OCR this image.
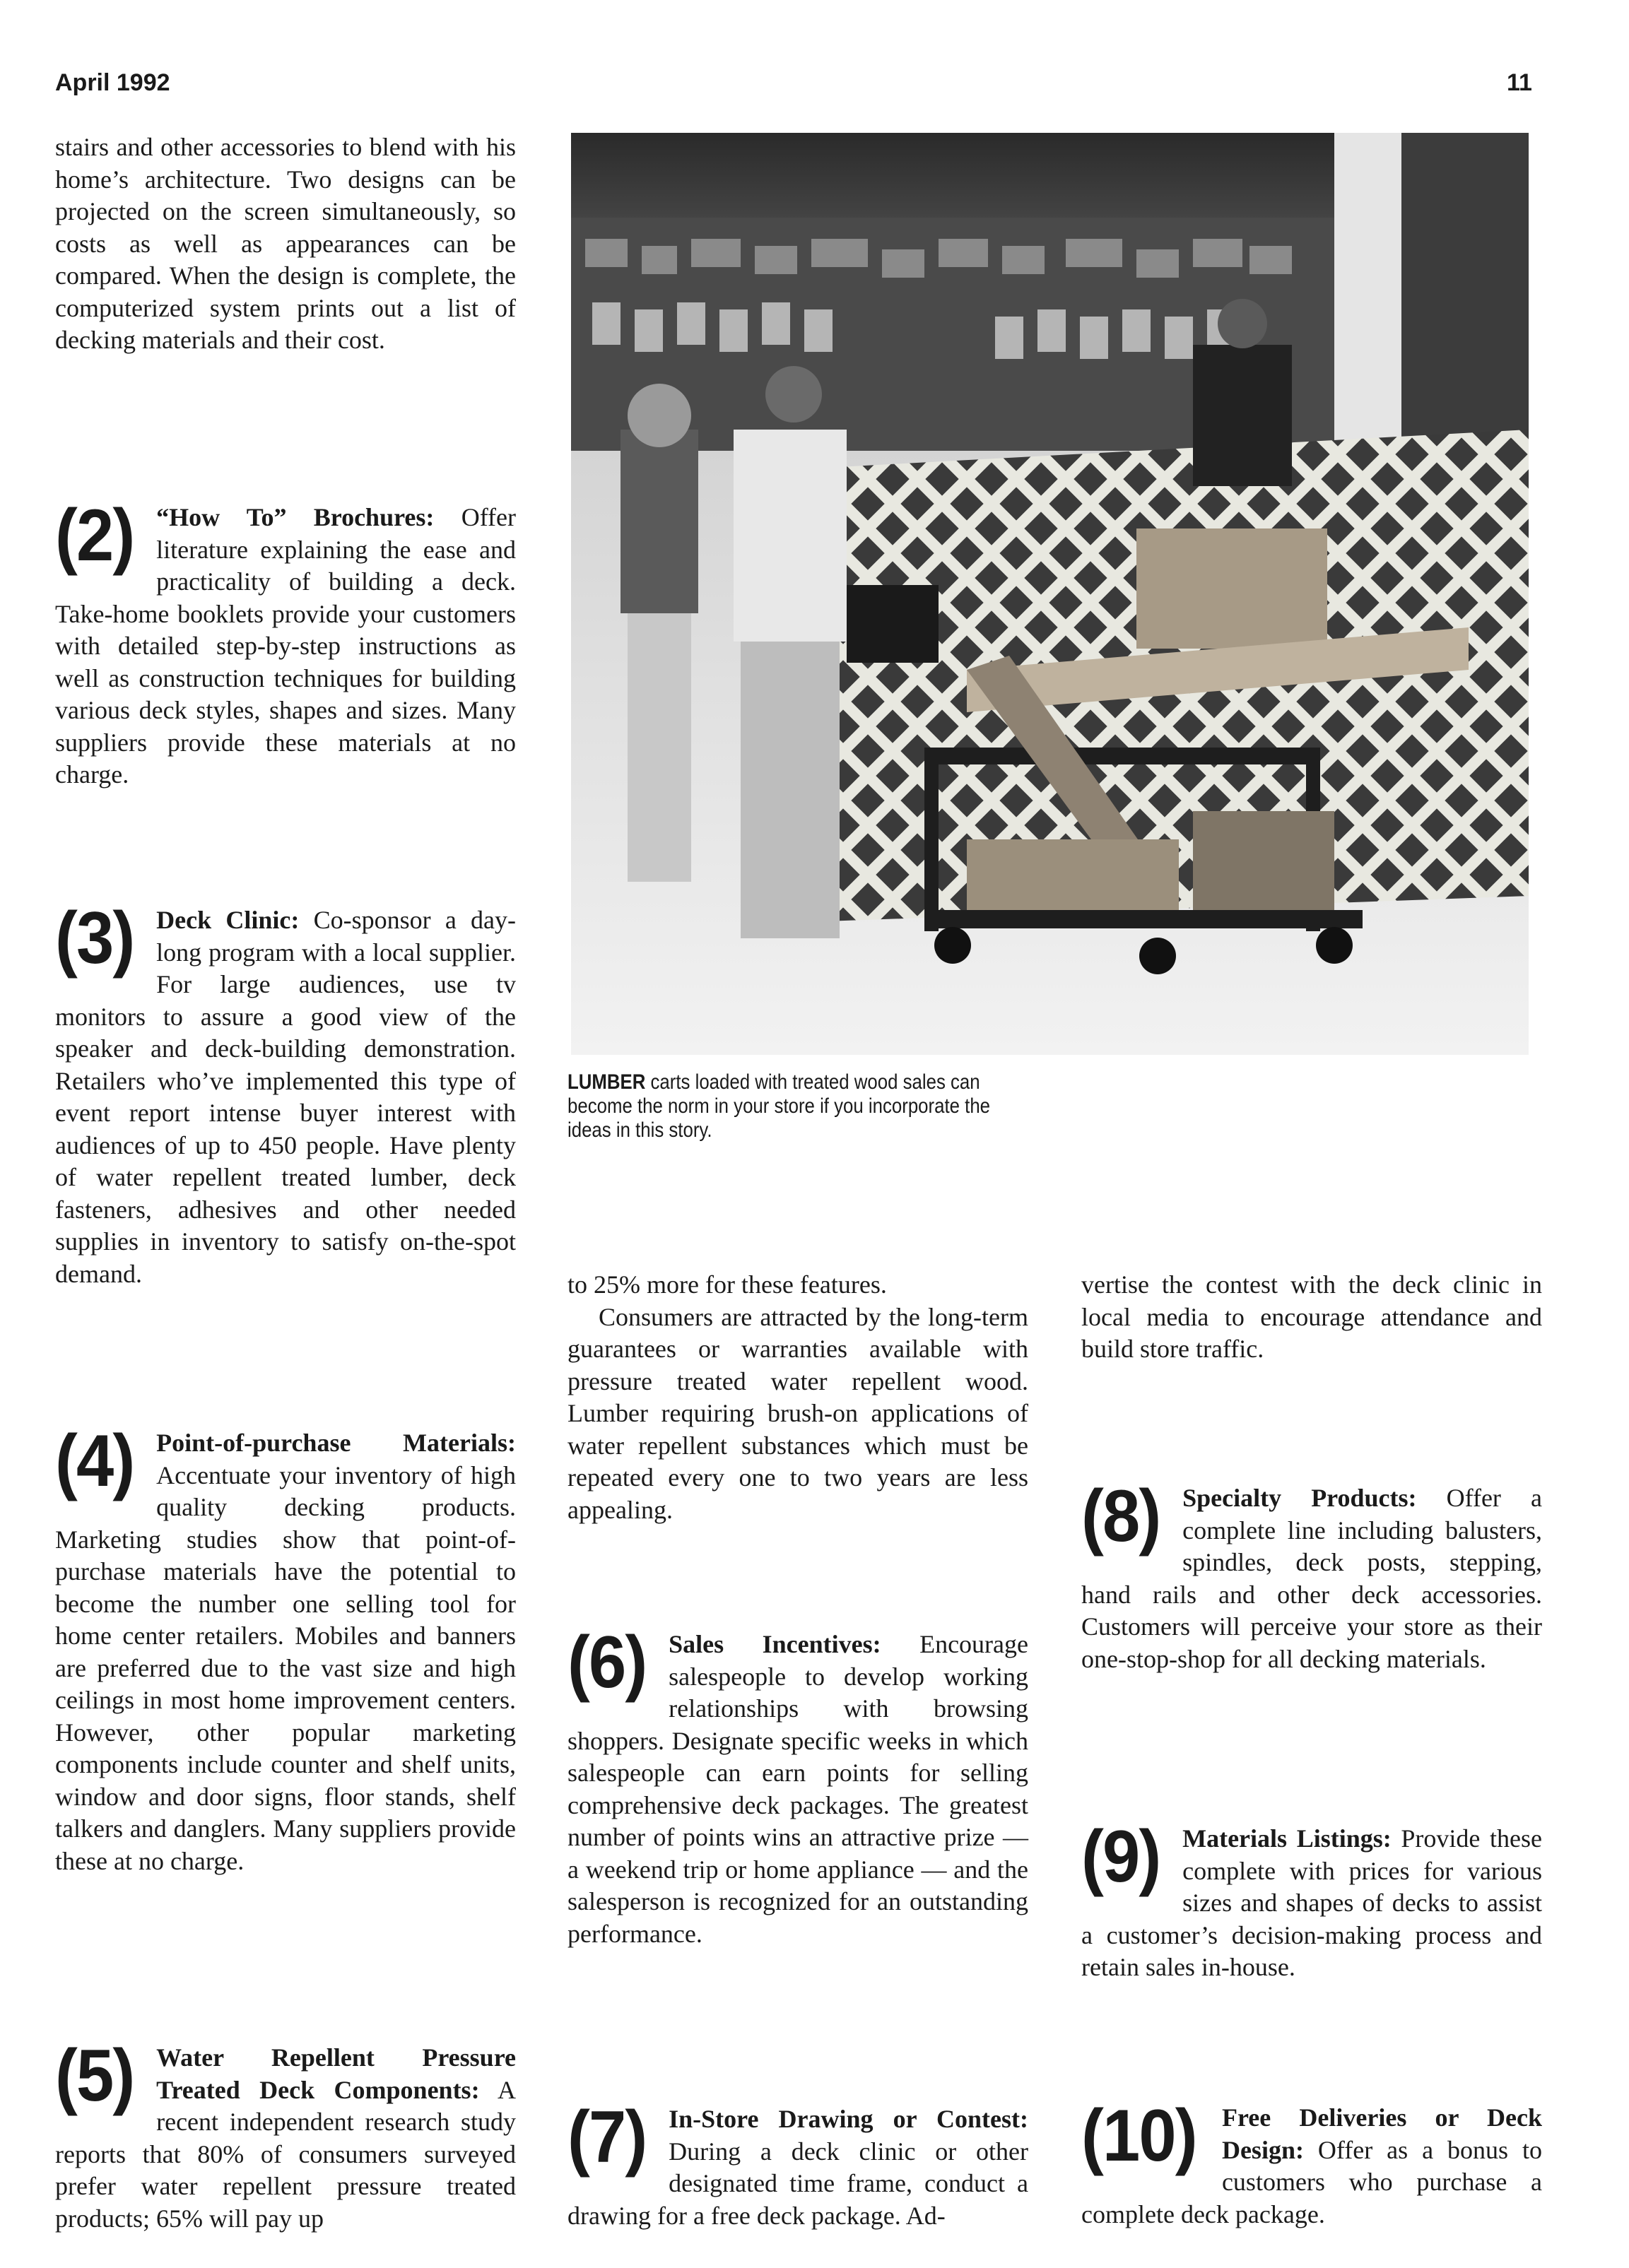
April 1992	11

stairs and other accessories to blend with his home’s architecture. Two designs can be projected on the screen simultaneously, so costs as well as appearances can be compared. When the design is complete, the computerized system prints out a list of decking materials and their cost.

(2) “How To” Brochures: Offer literature explaining the ease and practicality of building a deck. Take-home booklets provide your customers with detailed step-by-step instructions as well as construction techniques for building various deck styles, shapes and sizes. Many suppliers provide these materials at no charge.

(3) Deck Clinic: Co-sponsor a day-long program with a local supplier. For large audiences, use tv monitors to assure a good view of the speaker and deck-building demonstration. Retailers who’ve implemented this type of event report intense buyer interest with audiences of up to 450 people. Have plenty of water repellent treated lumber, deck fasteners, adhesives and other needed supplies in inventory to satisfy on-the-spot demand.

(4) Point-of-purchase Materials: Accentuate your inventory of high quality decking products. Marketing studies show that point-of-purchase materials have the potential to become the number one selling tool for home center retailers. Mobiles and banners are preferred due to the vast size and high ceilings in most home improvement centers. However, other popular marketing components include counter and shelf units, window and door signs, floor stands, shelf talkers and danglers. Many suppliers provide these at no charge.

(5) Water Repellent Pressure Treated Deck Components: A recent independent research study reports that 80% of consumers surveyed prefer water repellent pressure treated products; 65% will pay up

LUMBER carts loaded with treated wood sales can become the norm in your store if you incorporate the ideas in this story.

to 25% more for these features.

Consumers are attracted by the long-term guarantees or warranties available with pressure treated water repellent wood. Lumber requiring brush-on applications of water repellent substances which must be repeated every one to two years are less appealing.

(6) Sales Incentives: Encourage salespeople to develop working relationships with browsing shoppers. Designate specific weeks in which salespeople can earn points for selling comprehensive deck packages. The greatest number of points wins an attractive prize — a weekend trip or home appliance — and the salesperson is recognized for an outstanding performance.

(7) In-Store Drawing or Contest: During a deck clinic or other designated time frame, conduct a drawing for a free deck package. Ad-

vertise the contest with the deck clinic in local media to encourage attendance and build store traffic.

(8) Specialty Products: Offer a complete line including balusters, spindles, deck posts, stepping, hand rails and other deck accessories. Customers will perceive your store as their one-stop-shop for all decking materials.

(9) Materials Listings: Provide these complete with prices for various sizes and shapes of decks to assist a customer’s decision-making process and retain sales in-house.

(10)	Free Deliveries or Deck Design: Offer as a bonus to customers who purchase a complete deck package.
